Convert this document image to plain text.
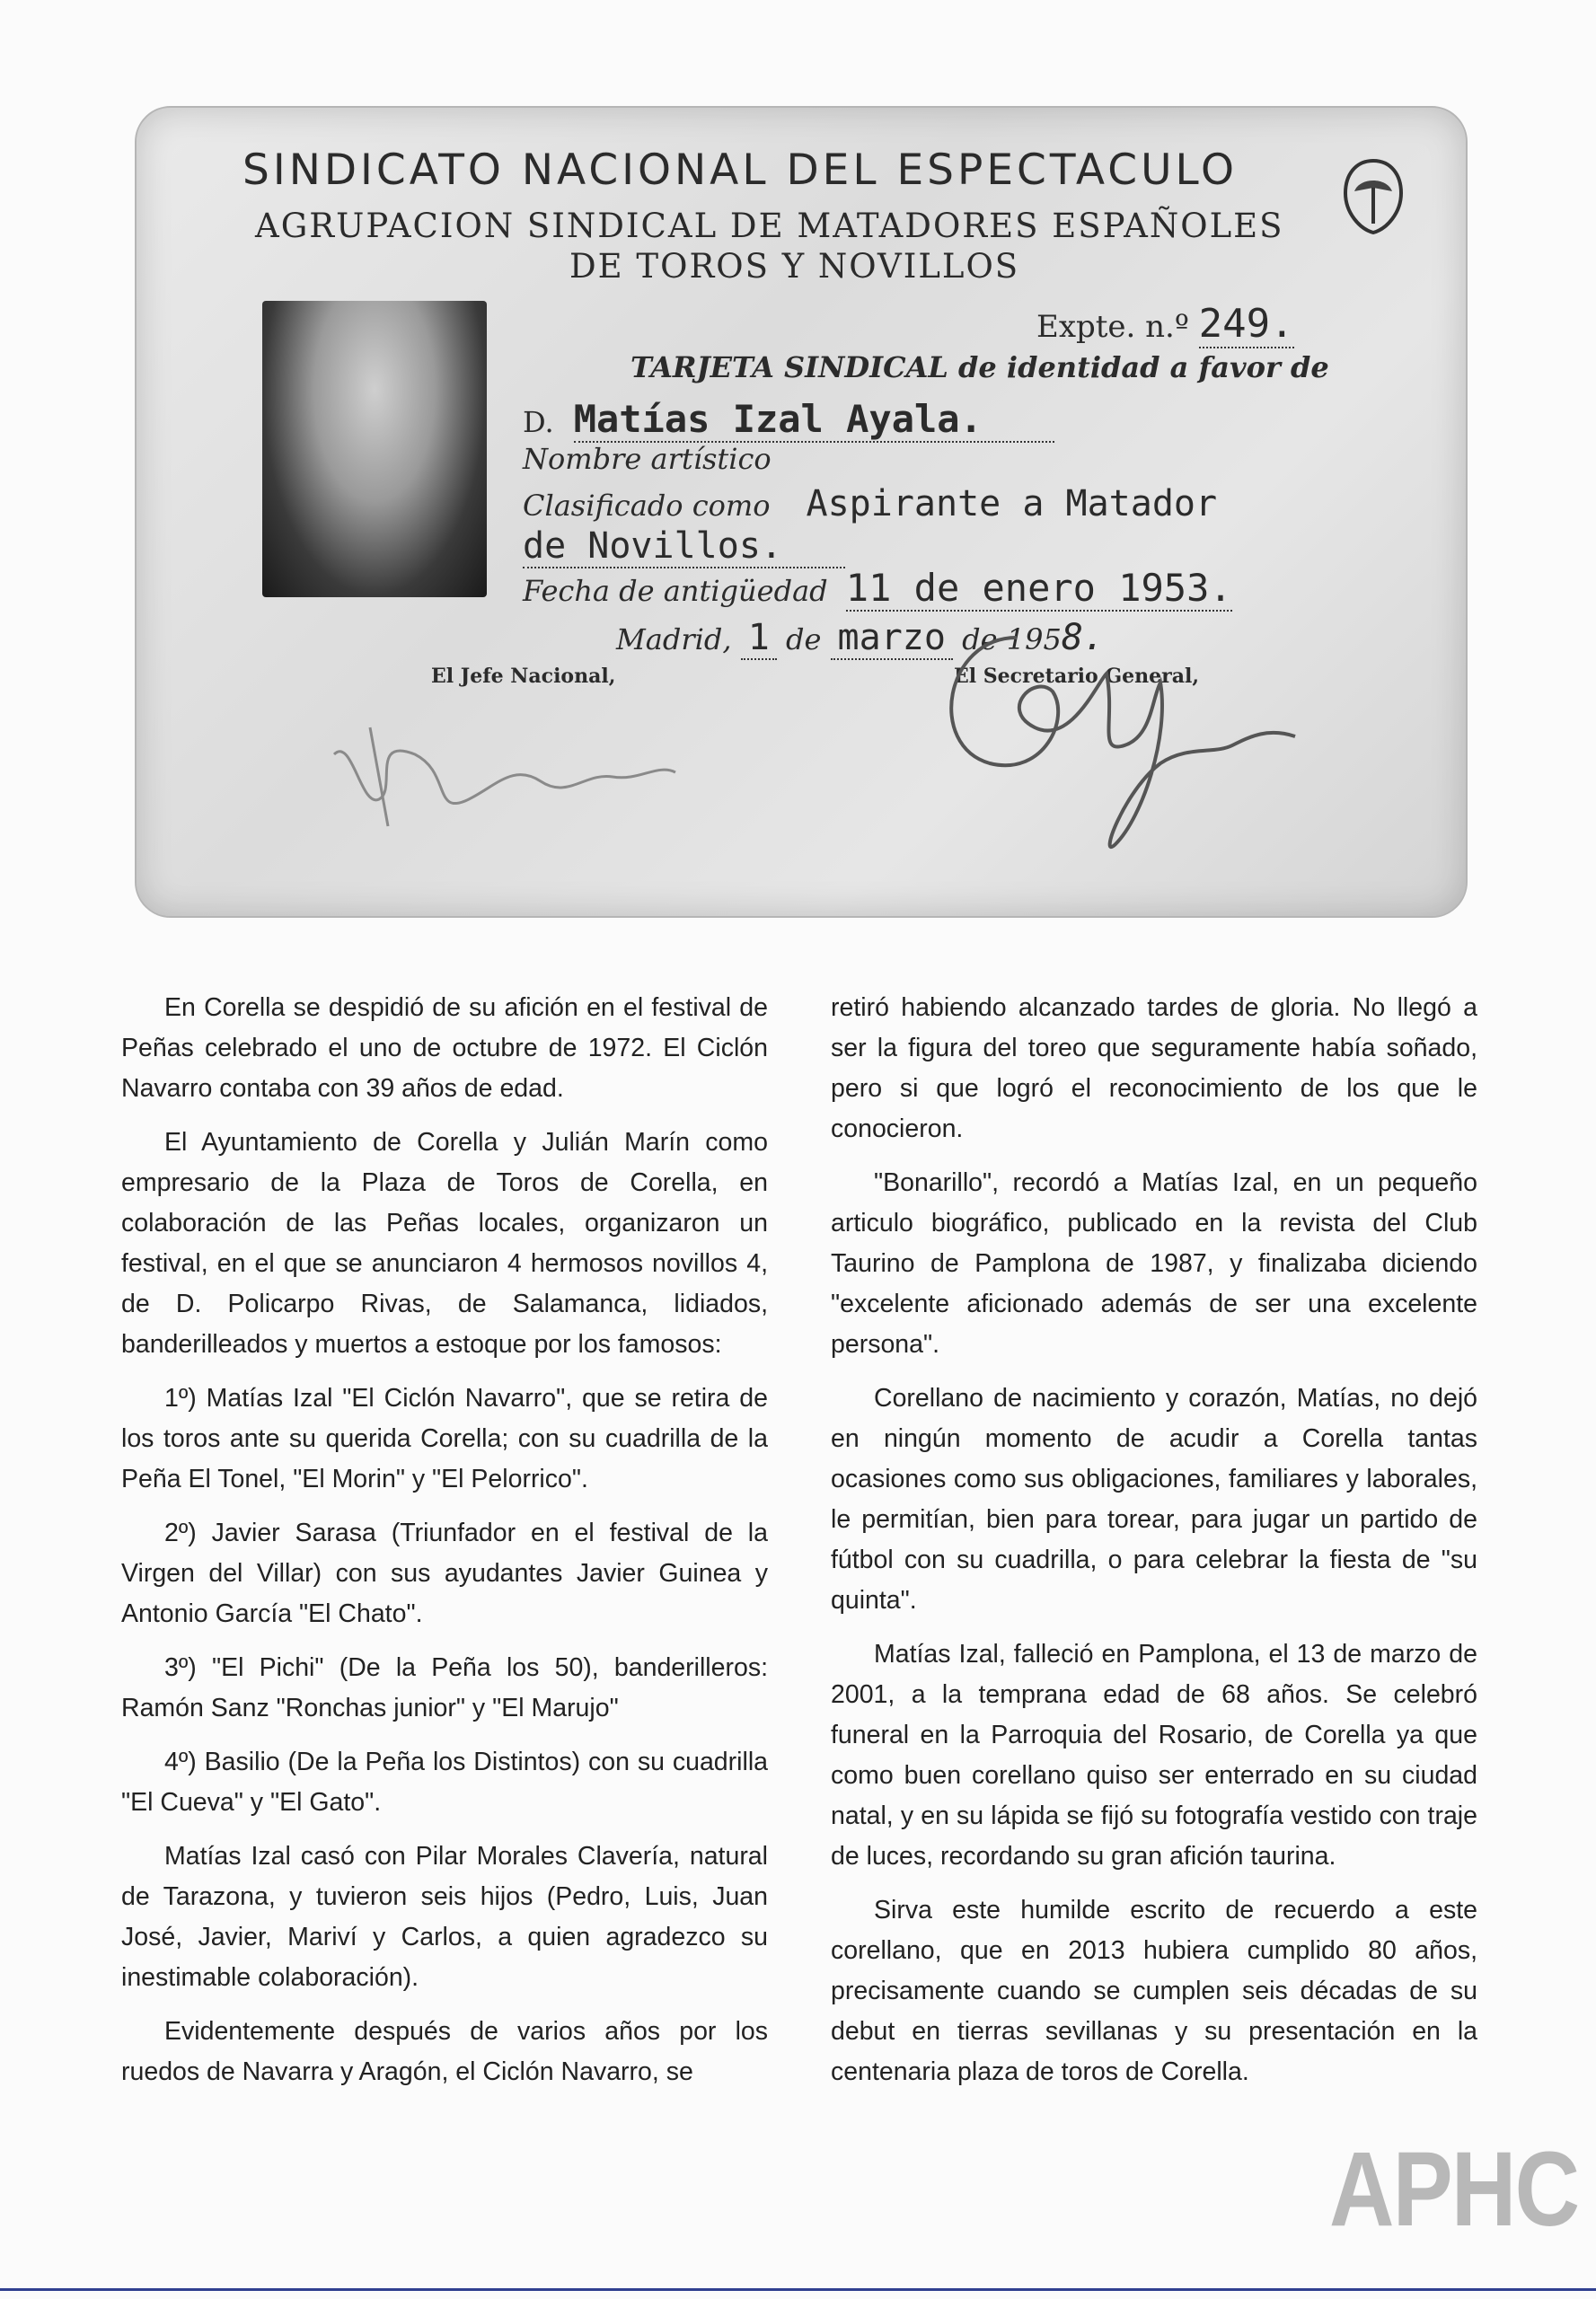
SINDICATO NACIONAL DEL ESPECTACULO
AGRUPACION SINDICAL DE MATADORES ESPAÑOLES
DE TOROS Y NOVILLOS
Expte. n.º 249.
TARJETA SINDICAL de identidad a favor de
D. Matías Izal Ayala.
Nombre artístico
Clasificado como Aspirante a Matador
de Novillos.
Fecha de antigüedad 11 de enero 1953.
Madrid, 1 de marzo de 1958.
El Jefe Nacional,	El Secretario General,

En Corella se despidió de su afición en el festival de Peñas celebrado el uno de octubre de 1972. El Ciclón Navarro contaba con 39 años de edad.

El Ayuntamiento de Corella y Julián Marín como empresario de la Plaza de Toros de Corella, en colaboración de las Peñas locales, organizaron un festival, en el que se anunciaron 4 hermosos novillos 4, de D. Policarpo Rivas, de Salamanca, lidiados, banderilleados y muertos a estoque por los famosos:

1º) Matías Izal "El Ciclón Navarro", que se retira de los toros ante su querida Corella; con su cuadrilla de la Peña El Tonel, "El Morin" y "El Pelorrico".

2º) Javier Sarasa (Triunfador en el festival de la Virgen del Villar) con sus ayudantes Javier Guinea y Antonio García "El Chato".

3º) "El Pichi" (De la Peña los 50), banderilleros: Ramón Sanz "Ronchas junior" y "El Marujo"

4º) Basilio (De la Peña los Distintos) con su cuadrilla "El Cueva" y "El Gato".

Matías Izal casó con Pilar Morales Clavería, natural de Tarazona, y tuvieron seis hijos (Pedro, Luis, Juan José, Javier, Mariví y Carlos, a quien agradezco su inestimable colaboración).

Evidentemente después de varios años por los ruedos de Navarra y Aragón, el Ciclón Navarro, se

retiró habiendo alcanzado tardes de gloria. No llegó a ser la figura del toreo que seguramente había soñado, pero si que logró el reconocimiento de los que le conocieron.

"Bonarillo", recordó a Matías Izal, en un pequeño articulo biográfico, publicado en la revista del Club Taurino de Pamplona de 1987, y finalizaba diciendo "excelente aficionado además de ser una excelente persona".

Corellano de nacimiento y corazón, Matías, no dejó en ningún momento de acudir a Corella tantas ocasiones como sus obligaciones, familiares y laborales, le permitían, bien para torear, para jugar un partido de fútbol con su cuadrilla, o para celebrar la fiesta de "su quinta".

Matías Izal, falleció en Pamplona, el 13 de marzo de 2001, a la temprana edad de 68 años. Se celebró funeral en la Parroquia del Rosario, de Corella ya que como buen corellano quiso ser enterrado en su ciudad natal, y en su lápida se fijó su fotografía vestido con traje de luces, recordando su gran afición taurina.

Sirva este humilde escrito de recuerdo a este corellano, que en 2013 hubiera cumplido 80 años, precisamente cuando se cumplen seis décadas de su debut en tierras sevillanas y su presentación en la centenaria plaza de toros de Corella.

APHC
